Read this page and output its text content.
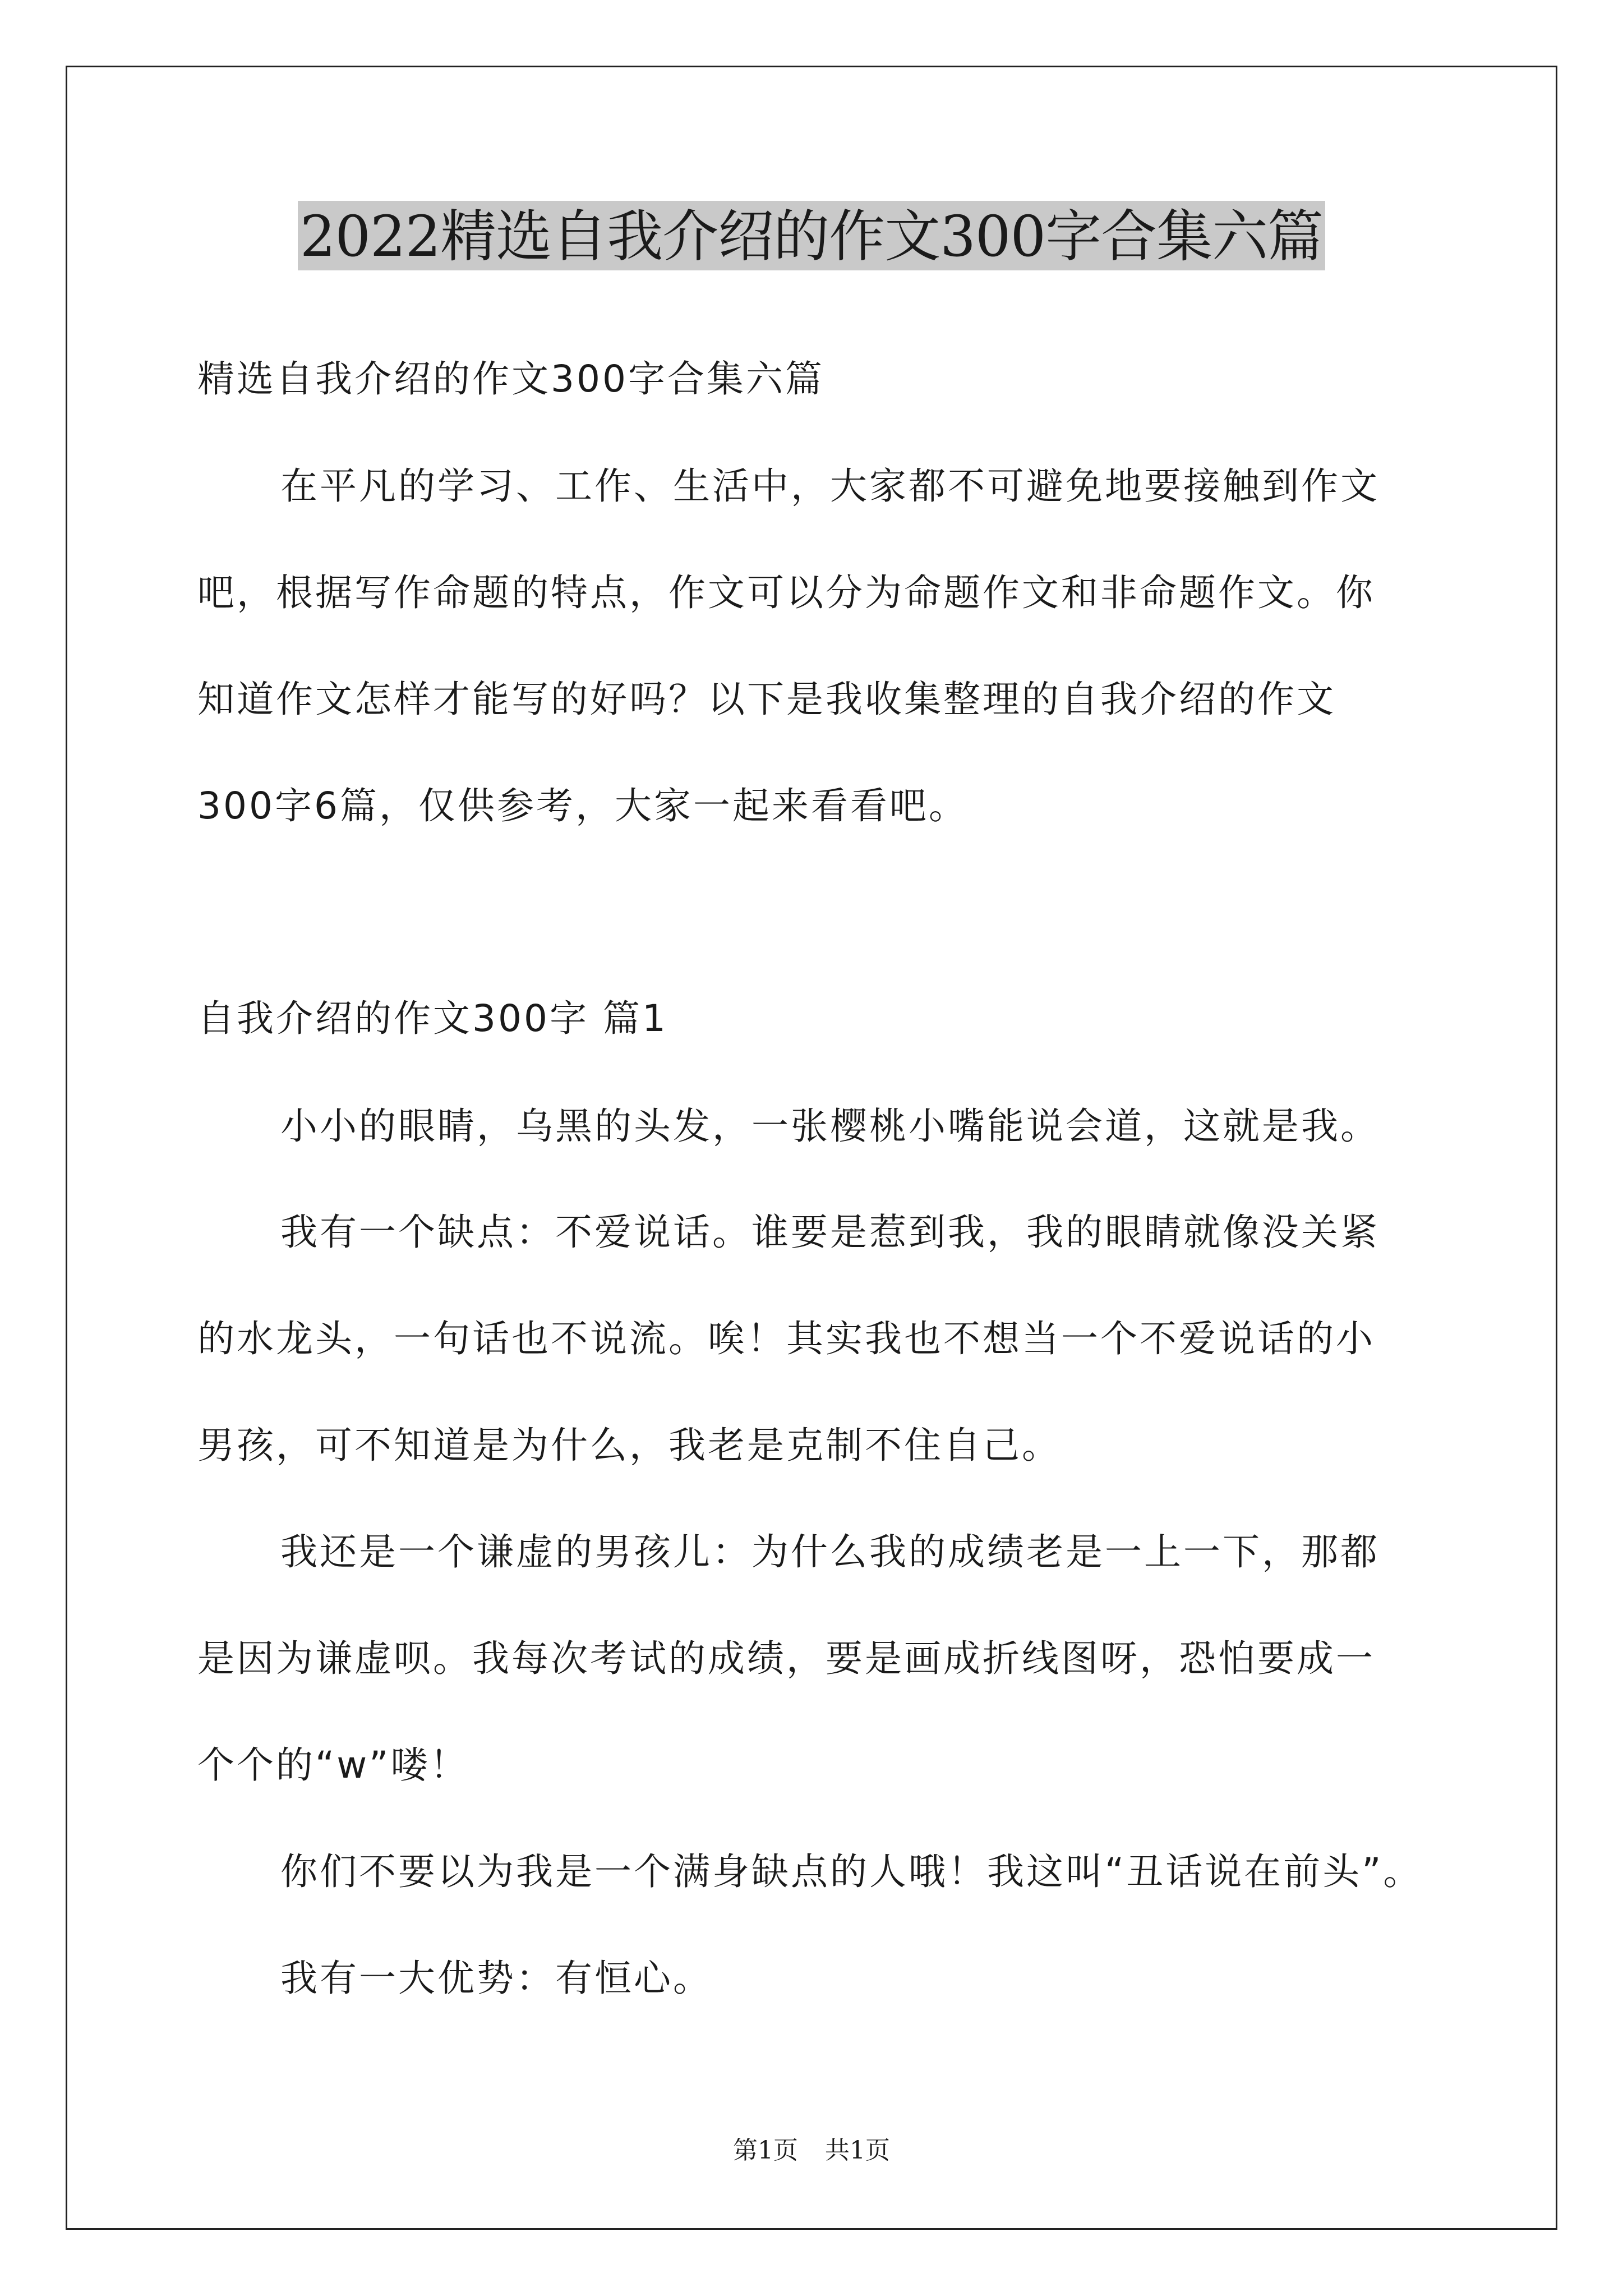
2022精选自我介绍的作文300字合集六篇

精选自我介绍的作文300字合集六篇

在平凡的学习、工作、生活中，大家都不可避免地要接触到作文

吧，根据写作命题的特点，作文可以分为命题作文和非命题作文。你

知道作文怎样才能写的好吗？以下是我收集整理的自我介绍的作文

300字6篇，仅供参考，大家一起来看看吧。

自我介绍的作文300字 篇1

小小的眼睛，乌黑的头发，一张樱桃小嘴能说会道，这就是我。

我有一个缺点：不爱说话。谁要是惹到我，我的眼睛就像没关紧

的水龙头，一句话也不说流。唉！其实我也不想当一个不爱说话的小

男孩，可不知道是为什么，我老是克制不住自己。

我还是一个谦虚的男孩儿：为什么我的成绩老是一上一下，那都

是因为谦虚呗。我每次考试的成绩，要是画成折线图呀，恐怕要成一

个个的“w”喽！

你们不要以为我是一个满身缺点的人哦！我这叫“丑话说在前头”。

我有一大优势：有恒心。

第1页 共1页
